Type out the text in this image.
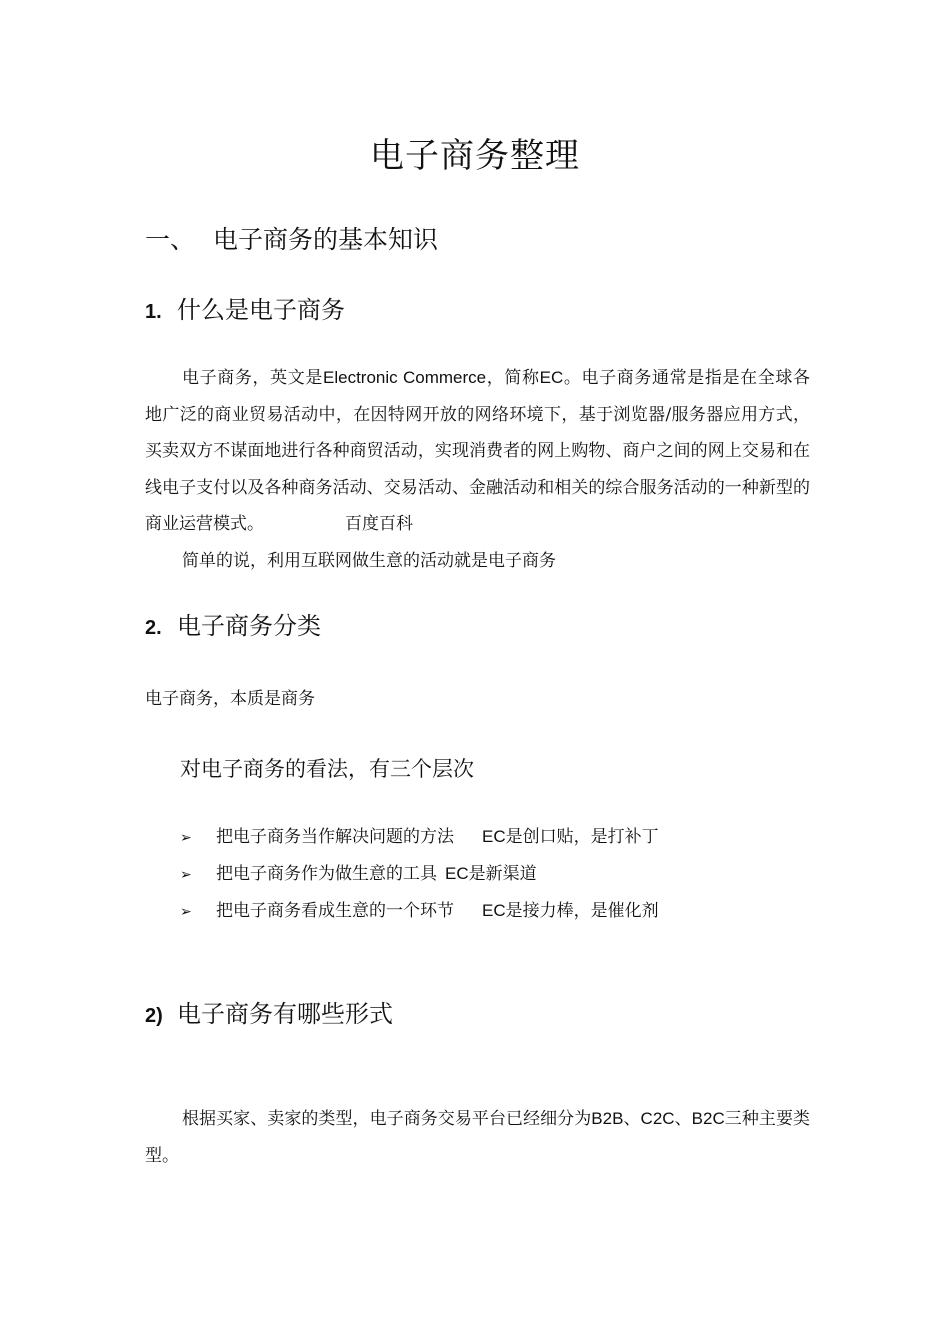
电子商务整理
一、 电子商务的基本知识
1. 什么是电子商务

电子商务，英文是Electronic Commerce，简称EC。电子商务通常是指是在全球各地广泛的商业贸易活动中，在因特网开放的网络环境下，基于浏览器/服务器应用方式，买卖双方不谋面地进行各种商贸活动，实现消费者的网上购物、商户之间的网上交易和在线电子支付以及各种商务活动、交易活动、金融活动和相关的综合服务活动的一种新型的商业运营模式。	百度百科

简单的说，利用互联网做生意的活动就是电子商务

2. 电子商务分类
电子商务，本质是商务
对电子商务的看法，有三个层次
➢ 把电子商务当作解决问题的方法 EC是创口贴，是打补丁
➢ 把电子商务作为做生意的工具 EC是新渠道
➢ 把电子商务看成生意的一个环节 EC是接力棒，是催化剂
2) 电子商务有哪些形式

根据买家、卖家的类型，电子商务交易平台已经细分为B2B、C2C、B2C三种主要类型。
